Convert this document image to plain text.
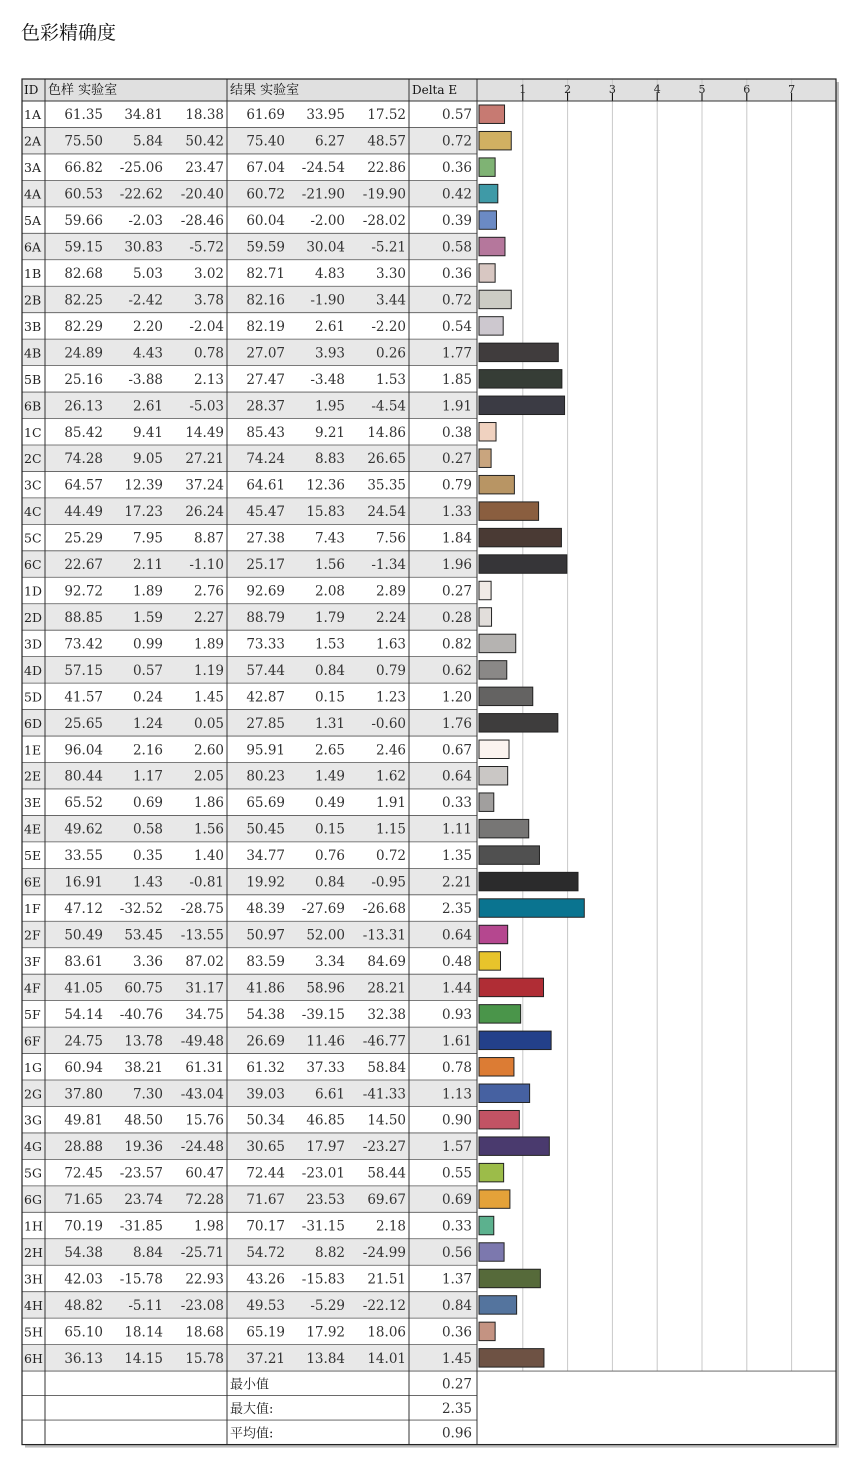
色彩精确度
1	2	3	4	5	6	7
ID 色样 实验室	结果 实验室	Delta E
1A 61.35 34.81 18.38 61.69 33.95 17.52	0.57
2A 75.50 5.84 50.42 75.40 6.27 48.57	0.72
3A 66.82 -25.06 23.47 67.04 -24.54 22.86	0.36
4A 60.53 -22.62 -20.40 60.72 -21.90 -19.90	0.42
5A 59.66 -2.03 -28.46 60.04 -2.00 -28.02	0.39
6A 59.15 30.83 -5.72 59.59 30.04 -5.21	0.58
1B 82.68 5.03 3.02 82.71 4.83 3.30	0.36
2B 82.25 -2.42 3.78 82.16 -1.90 3.44	0.72
3B 82.29 2.20 -2.04 82.19 2.61 -2.20	0.54
4B 24.89 4.43 0.78 27.07 3.93 0.26	1.77
5B 25.16 -3.88 2.13 27.47 -3.48 1.53	1.85
6B 26.13 2.61 -5.03 28.37 1.95 -4.54	1.91
1C 85.42 9.41 14.49 85.43 9.21 14.86	0.38
2C 74.28 9.05 27.21 74.24 8.83 26.65	0.27
3C 64.57 12.39 37.24 64.61 12.36 35.35	0.79
4C 44.49 17.23 26.24 45.47 15.83 24.54	1.33
5C 25.29 7.95 8.87 27.38 7.43 7.56	1.84
6C 22.67 2.11 -1.10 25.17 1.56 -1.34	1.96
1D 92.72 1.89 2.76 92.69 2.08 2.89	0.27
2D 88.85 1.59 2.27 88.79 1.79 2.24	0.28
3D 73.42 0.99 1.89 73.33 1.53 1.63	0.82
4D 57.15 0.57 1.19 57.44 0.84 0.79	0.62
5D 41.57 0.24 1.45 42.87 0.15 1.23	1.20
6D 25.65 1.24 0.05 27.85 1.31 -0.60	1.76
1E 96.04 2.16 2.60 95.91 2.65 2.46	0.67
2E 80.44 1.17 2.05 80.23 1.49 1.62	0.64
3E 65.52 0.69 1.86 65.69 0.49 1.91	0.33
4E 49.62 0.58 1.56 50.45 0.15 1.15	1.11
5E 33.55 0.35 1.40 34.77 0.76 0.72	1.35
6E 16.91 1.43 -0.81 19.92 0.84 -0.95	2.21
1F 47.12 -32.52 -28.75 48.39 -27.69 -26.68	2.35
2F 50.49 53.45 -13.55 50.97 52.00 -13.31	0.64
3F 83.61 3.36 87.02 83.59 3.34 84.69	0.48
4F 41.05 60.75 31.17 41.86 58.96 28.21	1.44
5F 54.14 -40.76 34.75 54.38 -39.15 32.38	0.93
6F 24.75 13.78 -49.48 26.69 11.46 -46.77	1.61
1G 60.94 38.21 61.31 61.32 37.33 58.84	0.78
2G 37.80 7.30 -43.04 39.03 6.61 -41.33	1.13
3G 49.81 48.50 15.76 50.34 46.85 14.50	0.90
4G 28.88 19.36 -24.48 30.65 17.97 -23.27	1.57
5G 72.45 -23.57 60.47 72.44 -23.01 58.44	0.55
6G 71.65 23.74 72.28 71.67 23.53 69.67	0.69
1H 70.19 -31.85 1.98 70.17 -31.15 2.18	0.33
2H 54.38 8.84 -25.71 54.72 8.82 -24.99	0.56
3H 42.03 -15.78 22.93 43.26 -15.83 21.51	1.37
4H 48.82 -5.11 -23.08 49.53 -5.29 -22.12	0.84
5H 65.10 18.14 18.68 65.19 17.92 18.06	0.36
6H 36.13 14.15 15.78 37.21 13.84 14.01	1.45
最小值	0.27
最大值:	2.35
平均值:	0.96
